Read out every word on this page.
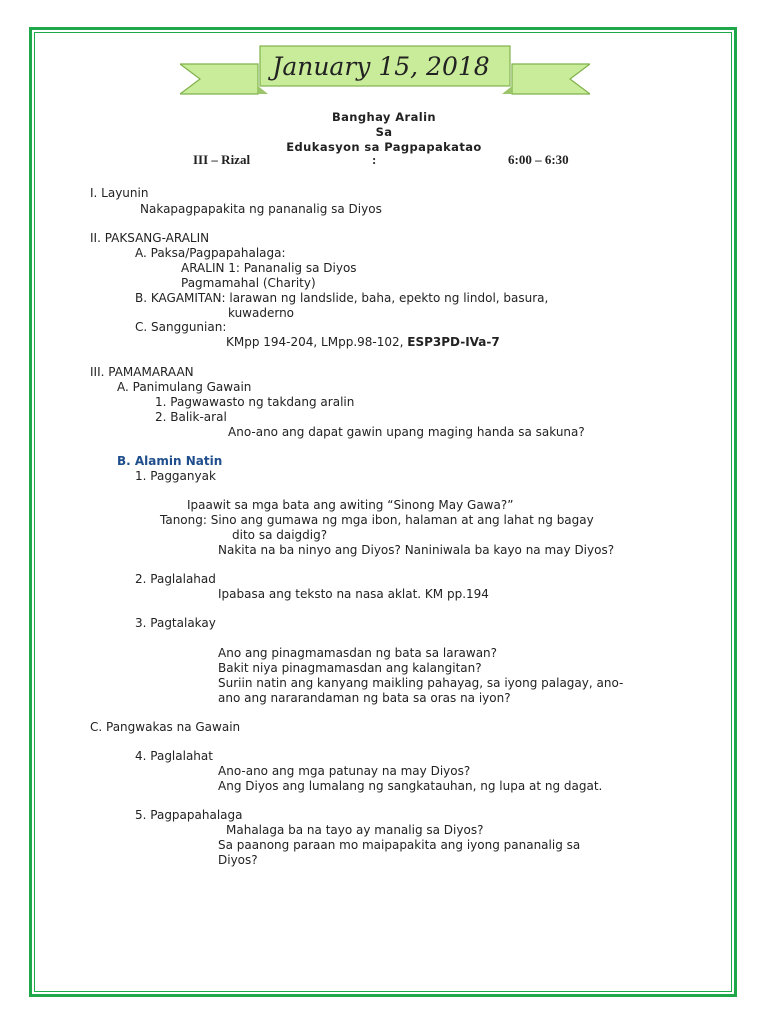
January 15, 2018
Banghay Aralin
Sa
Edukasyon sa Pagpapakatao
III – Rizal	:	6:00 – 6:30
I. Layunin
Nakapagpapakita ng pananalig sa Diyos
II. PAKSANG-ARALIN
A. Paksa/Pagpapahalaga:
ARALIN 1: Pananalig sa Diyos
Pagmamahal (Charity)
B. KAGAMITAN: larawan ng landslide, baha, epekto ng lindol, basura,
kuwaderno
C. Sanggunian:
KMpp 194-204, LMpp.98-102, ESP3PD-IVa-7
III. PAMAMARAAN
A. Panimulang Gawain
1. Pagwawasto ng takdang aralin
2. Balik-aral
Ano-ano ang dapat gawin upang maging handa sa sakuna?
B. Alamin Natin
1. Pagganyak
Ipaawit sa mga bata ang awiting “Sinong May Gawa?”
Tanong: Sino ang gumawa ng mga ibon, halaman at ang lahat ng bagay
dito sa daigdig?
Nakita na ba ninyo ang Diyos? Naniniwala ba kayo na may Diyos?
2. Paglalahad
Ipabasa ang teksto na nasa aklat. KM pp.194
3. Pagtalakay
Ano ang pinagmamasdan ng bata sa larawan?
Bakit niya pinagmamasdan ang kalangitan?
Suriin natin ang kanyang maikling pahayag, sa iyong palagay, ano-
ano ang nararandaman ng bata sa oras na iyon?
C. Pangwakas na Gawain
4. Paglalahat
Ano-ano ang mga patunay na may Diyos?
Ang Diyos ang lumalang ng sangkatauhan, ng lupa at ng dagat.
5. Pagpapahalaga
Mahalaga ba na tayo ay manalig sa Diyos?
Sa paanong paraan mo maipapakita ang iyong pananalig sa
Diyos?
